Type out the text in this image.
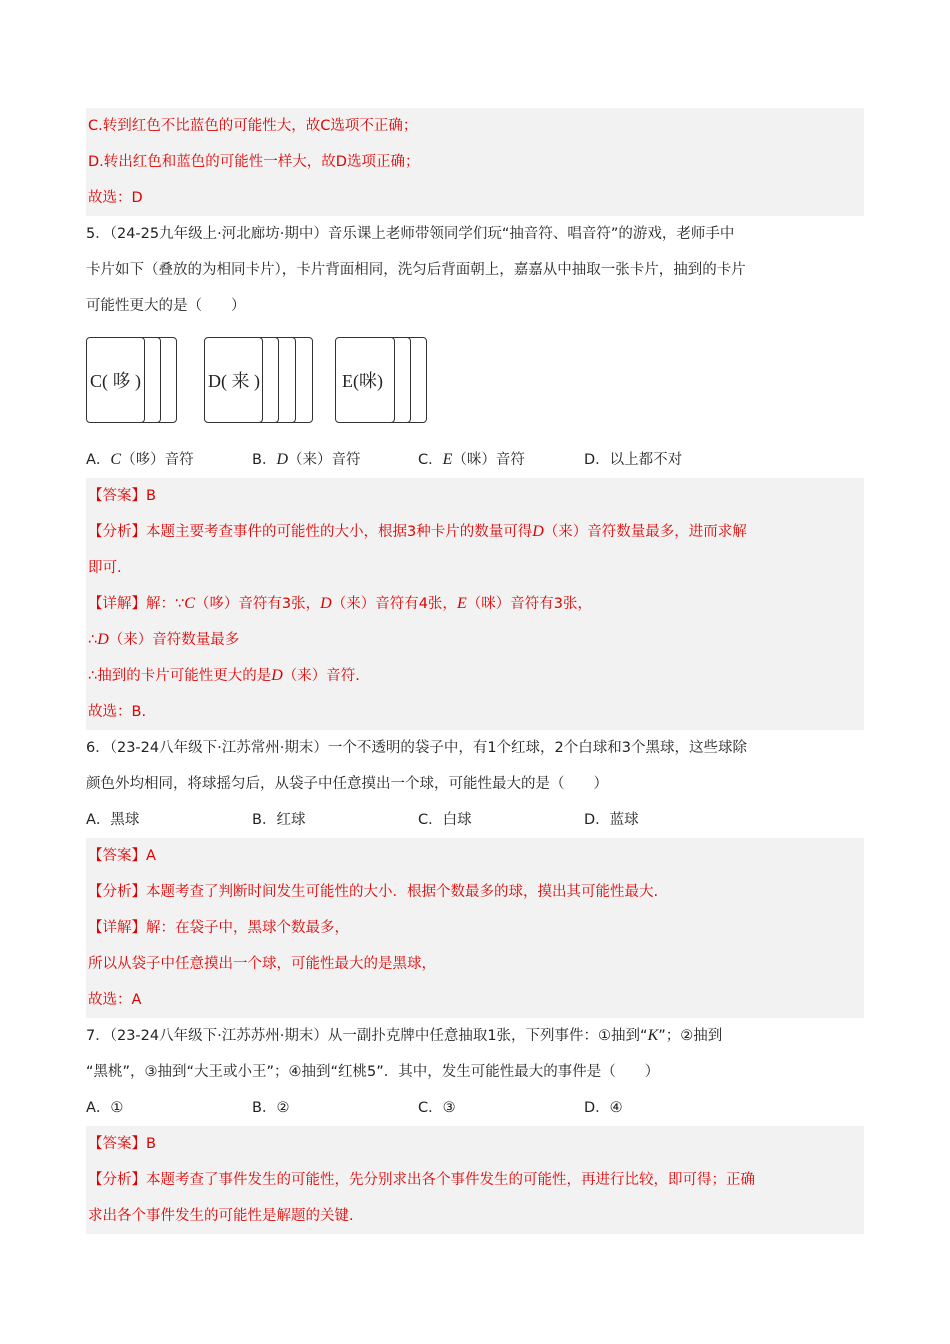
C.转到红色不比蓝色的可能性大，故C选项不正确；
D.转出红色和蓝色的可能性一样大，故D选项正确；
故选：D
5．（24-25九年级上·河北廊坊·期中）音乐课上老师带领同学们玩“抽音符、唱音符”的游戏，老师手中
卡片如下（叠放的为相同卡片），卡片背面相同，洗匀后背面朝上，嘉嘉从中抽取一张卡片，抽到的卡片
可能性更大的是（　　）
C( 哆 )	D( 来 )	E(咪)
A．C（哆）音符	B．D（来）音符	C．E（咪）音符	D．以上都不对
【答案】B
【分析】本题主要考查事件的可能性的大小，根据3种卡片的数量可得D（来）音符数量最多，进而求解
即可.
【详解】解：∵C（哆）音符有3张，D（来）音符有4张，E（咪）音符有3张，
∴D（来）音符数量最多
∴抽到的卡片可能性更大的是D（来）音符.
故选：B.
6．（23-24八年级下·江苏常州·期末）一个不透明的袋子中，有1个红球，2个白球和3个黑球，这些球除
颜色外均相同，将球摇匀后，从袋子中任意摸出一个球，可能性最大的是（　　）
A．黑球	B．红球	C．白球	D．蓝球
【答案】A
【分析】本题考查了判断时间发生可能性的大小．根据个数最多的球，摸出其可能性最大.
【详解】解：在袋子中，黑球个数最多，
所以从袋子中任意摸出一个球，可能性最大的是黑球，
故选：A
7．（23-24八年级下·江苏苏州·期末）从一副扑克牌中任意抽取1张，下列事件：①抽到“K”；②抽到
“黑桃”，③抽到“大王或小王”；④抽到“红桃5”．其中，发生可能性最大的事件是（　　）
A．①	B．②	C．③	D．④
【答案】B
【分析】本题考查了事件发生的可能性，先分别求出各个事件发生的可能性，再进行比较，即可得；正确
求出各个事件发生的可能性是解题的关键.
